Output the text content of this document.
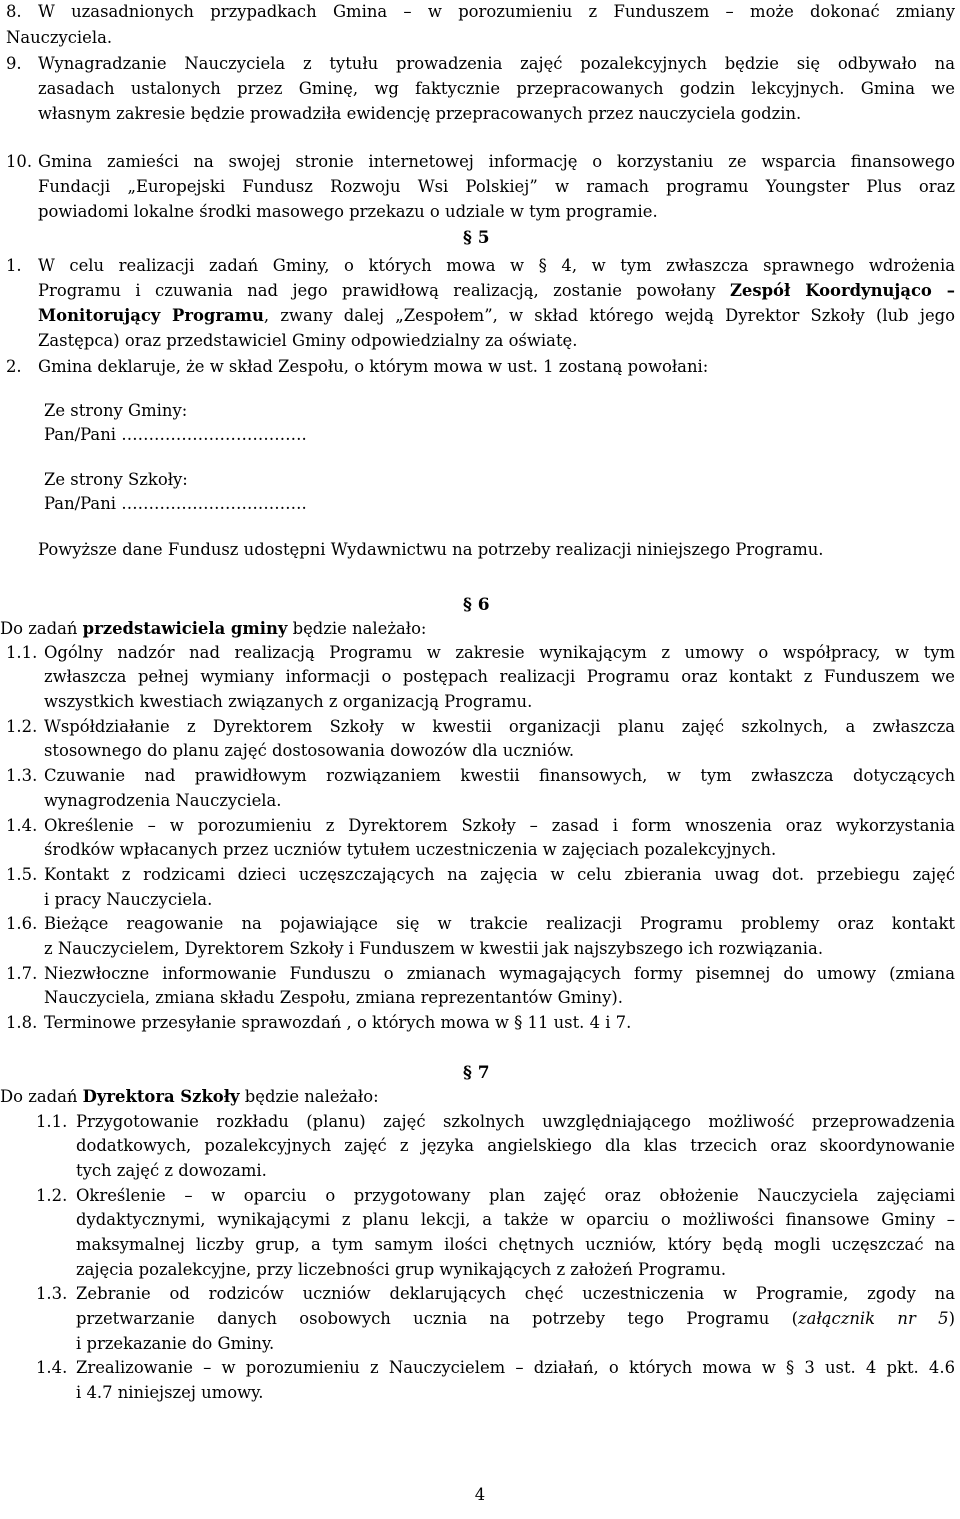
4
8. W uzasadnionych przypadkach Gmina – w porozumieniu z Funduszem – może dokonać zmiany
Nauczyciela.
9. Wynagradzanie Nauczyciela z tytułu prowadzenia zajęć pozalekcyjnych będzie się odbywało na
zasadach ustalonych przez Gminę, wg faktycznie przepracowanych godzin lekcyjnych. Gmina we
własnym zakresie będzie prowadziła ewidencję przepracowanych przez nauczyciela godzin.
10. Gmina zamieści na swojej stronie internetowej informację o korzystaniu ze wsparcia finansowego
Fundacji „Europejski Fundusz Rozwoju Wsi Polskiej” w ramach programu Youngster Plus oraz
powiadomi lokalne środki masowego przekazu o udziale w tym programie.
§ 5
1. W celu realizacji zadań Gminy, o których mowa w § 4, w tym zwłaszcza sprawnego wdrożenia
Programu i czuwania nad jego prawidłową realizacją, zostanie powołany Zespół Koordynująco –
Monitorujący Programu, zwany dalej „Zespołem”, w skład którego wejdą Dyrektor Szkoły (lub jego
Zastępca) oraz przedstawiciel Gminy odpowiedzialny za oświatę.
2. Gmina deklaruje, że w skład Zespołu, o którym mowa w ust. 1 zostaną powołani:
Ze strony Gminy:
Pan/Pani …………………………….
Ze strony Szkoły:
Pan/Pani …………………………….
Powyższe dane Fundusz udostępni Wydawnictwu na potrzeby realizacji niniejszego Programu.
§ 6
Do zadań przedstawiciela gminy będzie należało:
1.1. Ogólny nadzór nad realizacją Programu w zakresie wynikającym z umowy o współpracy, w tym
zwłaszcza pełnej wymiany informacji o postępach realizacji Programu oraz kontakt z Funduszem we
wszystkich kwestiach związanych z organizacją Programu.
1.2. Współdziałanie z Dyrektorem Szkoły w kwestii organizacji planu zajęć szkolnych, a zwłaszcza
stosownego do planu zajęć dostosowania dowozów dla uczniów.
1.3. Czuwanie nad prawidłowym rozwiązaniem kwestii finansowych, w tym zwłaszcza dotyczących
wynagrodzenia Nauczyciela.
1.4. Określenie – w porozumieniu z Dyrektorem Szkoły – zasad i form wnoszenia oraz wykorzystania
środków wpłacanych przez uczniów tytułem uczestniczenia w zajęciach pozalekcyjnych.
1.5. Kontakt z rodzicami dzieci uczęszczających na zajęcia w celu zbierania uwag dot. przebiegu zajęć
i pracy Nauczyciela.
1.6. Bieżące reagowanie na pojawiające się w trakcie realizacji Programu problemy oraz kontakt
z Nauczycielem, Dyrektorem Szkoły i Funduszem w kwestii jak najszybszego ich rozwiązania.
1.7. Niezwłoczne informowanie Funduszu o zmianach wymagających formy pisemnej do umowy (zmiana
Nauczyciela, zmiana składu Zespołu, zmiana reprezentantów Gminy).
1.8. Terminowe przesyłanie sprawozdań , o których mowa w § 11 ust. 4 i 7.
§ 7
Do zadań Dyrektora Szkoły będzie należało:
1.1. Przygotowanie rozkładu (planu) zajęć szkolnych uwzględniającego możliwość przeprowadzenia
dodatkowych, pozalekcyjnych zajęć z języka angielskiego dla klas trzecich oraz skoordynowanie
tych zajęć z dowozami.
1.2. Określenie – w oparciu o przygotowany plan zajęć oraz obłożenie Nauczyciela zajęciami
dydaktycznymi, wynikającymi z planu lekcji, a także w oparciu o możliwości finansowe Gminy –
maksymalnej liczby grup, a tym samym ilości chętnych uczniów, który będą mogli uczęszczać na
zajęcia pozalekcyjne, przy liczebności grup wynikających z założeń Programu.
1.3. Zebranie od rodziców uczniów deklarujących chęć uczestniczenia w Programie, zgody na
przetwarzanie danych osobowych ucznia na potrzeby tego Programu (załącznik nr 5)
i przekazanie do Gminy.
1.4. Zrealizowanie – w porozumieniu z Nauczycielem – działań, o których mowa w § 3 ust. 4 pkt. 4.6
i 4.7 niniejszej umowy.
